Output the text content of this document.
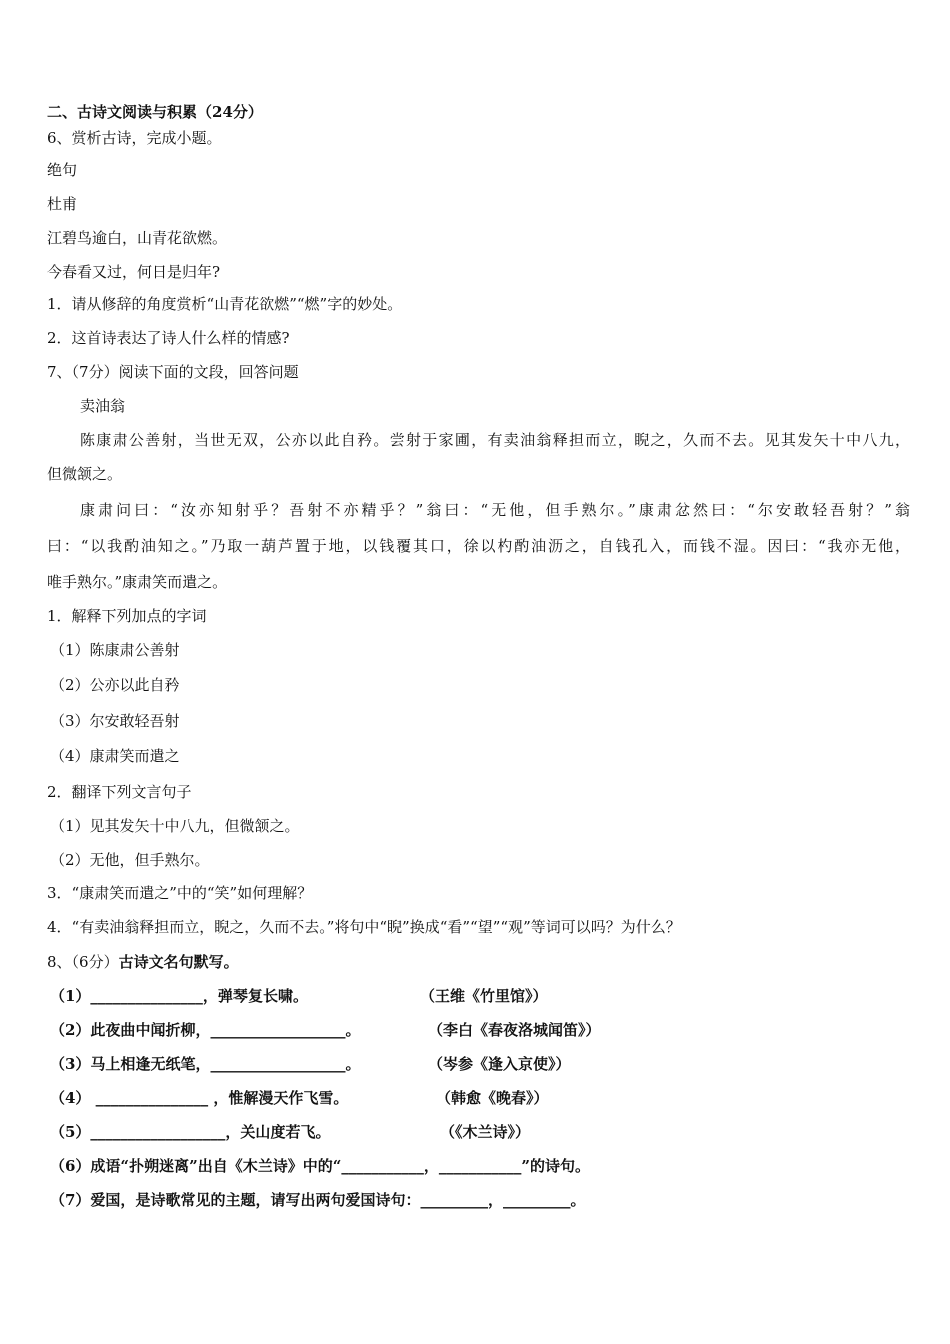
二、古诗文阅读与积累（24分）
6、赏析古诗，完成小题。
绝句
杜甫
江碧鸟逾白，山青花欲燃。
今春看又过，何日是归年?
1．请从修辞的角度赏析“山青花欲燃”“燃”字的妙处。
2．这首诗表达了诗人什么样的情感?
7、（7分）阅读下面的文段，回答问题
卖油翁
陈康肃公善射，当世无双，公亦以此自矜。尝射于家圃，有卖油翁释担而立，睨之，久而不去。见其发矢十中八九，
但微颔之。
康肃问曰：“汝亦知射乎？吾射不亦精乎？”翁曰：“无他，但手熟尔。”康肃忿然曰：“尔安敢轻吾射？”翁
曰：“以我酌油知之。”乃取一葫芦置于地，以钱覆其口，徐以杓酌油沥之，自钱孔入，而钱不湿。因曰：“我亦无他，
唯手熟尔。”康肃笑而遣之。
1．解释下列加点的字词
（1）陈康肃公善射
（2）公亦以此自矜
（3）尔安敢轻吾射
（4）康肃笑而遣之
2．翻译下列文言句子
（1）见其发矢十中八九，但微颔之。
（2）无他，但手熟尔。
3．“康肃笑而遣之”中的“笑”如何理解？
4．“有卖油翁释担而立，睨之，久而不去。”将句中“睨”换成“看”“望”“观”等词可以吗？为什么？
8、（6分）古诗文名句默写。
（1）_______________，弹琴复长啸。	（王维《竹里馆》）
（2）此夜曲中闻折柳，__________________。	（李白《春夜洛城闻笛》）
（3）马上相逢无纸笔，__________________。	（岑参《逢入京使》）
（4） _______________ ，惟解漫天作飞雪。	（韩愈《晚春》）
（5）__________________，关山度若飞。	（《木兰诗》）
（6）成语“扑朔迷离”出自《木兰诗》中的“___________，___________”的诗句。
（7）爱国，是诗歌常见的主题，请写出两句爱国诗句：_________，_________。
